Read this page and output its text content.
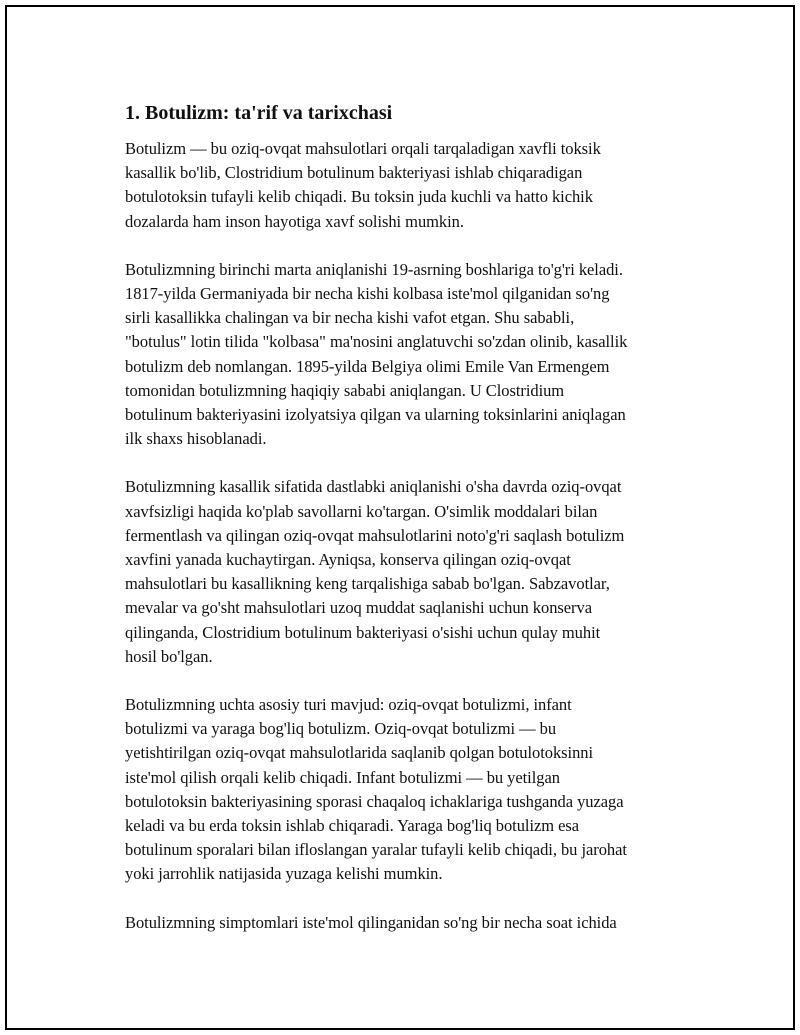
1. Botulizm: ta'rif va tarixchasi

Botulizm — bu oziq-ovqat mahsulotlari orqali tarqaladigan xavfli toksik
kasallik bo'lib, Clostridium botulinum bakteriyasi ishlab chiqaradigan
botulotoksin tufayli kelib chiqadi. Bu toksin juda kuchli va hatto kichik
dozalarda ham inson hayotiga xavf solishi mumkin.

Botulizmning birinchi marta aniqlanishi 19-asrning boshlariga to'g'ri keladi.
1817-yilda Germaniyada bir necha kishi kolbasa iste'mol qilganidan so'ng
sirli kasallikka chalingan va bir necha kishi vafot etgan. Shu sababli,
"botulus" lotin tilida "kolbasa" ma'nosini anglatuvchi so'zdan olinib, kasallik
botulizm deb nomlangan. 1895-yilda Belgiya olimi Emile Van Ermengem
tomonidan botulizmning haqiqiy sababi aniqlangan. U Clostridium
botulinum bakteriyasini izolyatsiya qilgan va ularning toksinlarini aniqlagan
ilk shaxs hisoblanadi.

Botulizmning kasallik sifatida dastlabki aniqlanishi o'sha davrda oziq-ovqat
xavfsizligi haqida ko'plab savollarni ko'targan. O'simlik moddalari bilan
fermentlash va qilingan oziq-ovqat mahsulotlarini noto'g'ri saqlash botulizm
xavfini yanada kuchaytirgan. Ayniqsa, konserva qilingan oziq-ovqat
mahsulotlari bu kasallikning keng tarqalishiga sabab bo'lgan. Sabzavotlar,
mevalar va go'sht mahsulotlari uzoq muddat saqlanishi uchun konserva
qilinganda, Clostridium botulinum bakteriyasi o'sishi uchun qulay muhit
hosil bo'lgan.

Botulizmning uchta asosiy turi mavjud: oziq-ovqat botulizmi, infant
botulizmi va yaraga bog'liq botulizm. Oziq-ovqat botulizmi — bu
yetishtirilgan oziq-ovqat mahsulotlarida saqlanib qolgan botulotoksinni
iste'mol qilish orqali kelib chiqadi. Infant botulizmi — bu yetilgan
botulotoksin bakteriyasining sporasi chaqaloq ichaklariga tushganda yuzaga
keladi va bu erda toksin ishlab chiqaradi. Yaraga bog'liq botulizm esa
botulinum sporalari bilan ifloslangan yaralar tufayli kelib chiqadi, bu jarohat
yoki jarrohlik natijasida yuzaga kelishi mumkin.

Botulizmning simptomlari iste'mol qilinganidan so'ng bir necha soat ichida
